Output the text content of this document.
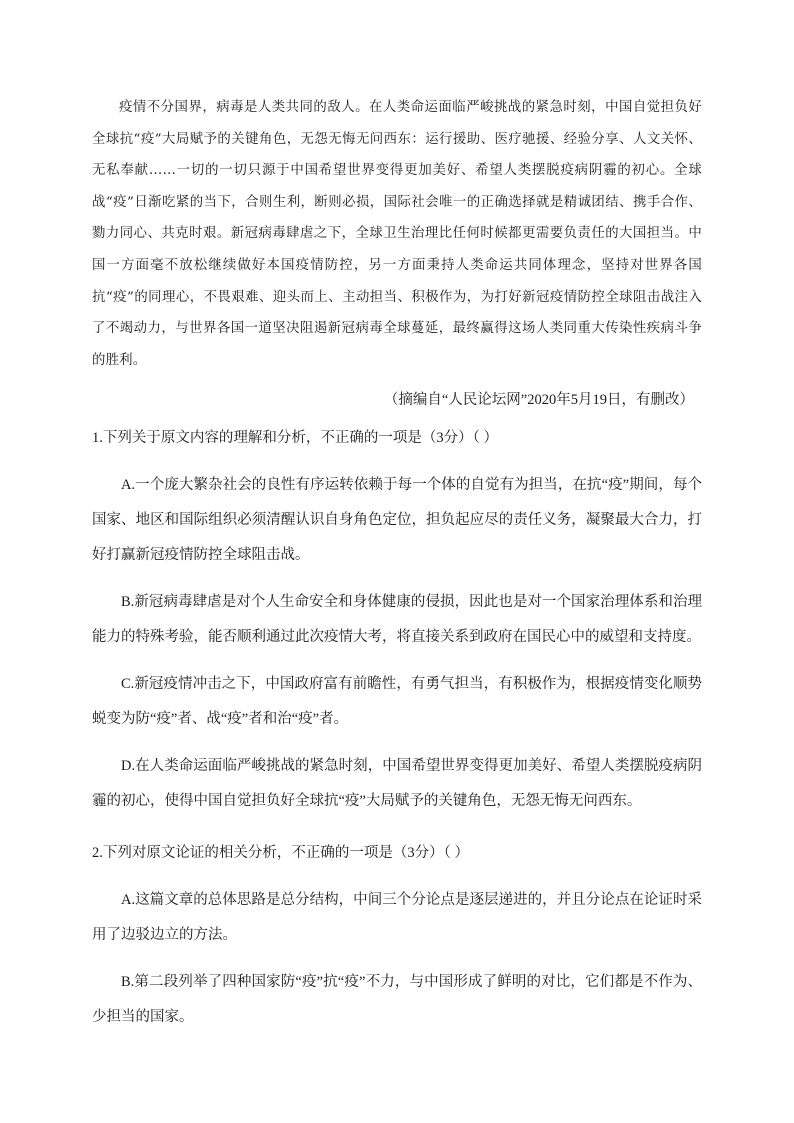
疫情不分国界，病毒是人类共同的敌人。在人类命运面临严峻挑战的紧急时刻，中国自觉担负好全球抗“疫”大局赋予的关键角色，无怨无悔无问西东：运行援助、医疗驰援、经验分享、人文关怀、无私奉献……一切的一切只源于中国希望世界变得更加美好、希望人类摆脱疫病阴霾的初心。全球战“疫”日渐吃紧的当下，合则生利，断则必损，国际社会唯一的正确选择就是精诚团结、携手合作、勠力同心、共克时艰。新冠病毒肆虐之下，全球卫生治理比任何时候都更需要负责任的大国担当。中国一方面毫不放松继续做好本国疫情防控，另一方面秉持人类命运共同体理念，坚持对世界各国抗“疫”的同理心，不畏艰难、迎头而上、主动担当、积极作为，为打好新冠疫情防控全球阻击战注入了不竭动力，与世界各国一道坚决阻遏新冠病毒全球蔓延，最终赢得这场人类同重大传染性疾病斗争的胜利。

（摘编自“人民论坛网”2020年5月19日，有删改）

1.下列关于原文内容的理解和分析，不正确的一项是（3分）（ ）

A.一个庞大繁杂社会的良性有序运转依赖于每一个体的自觉有为担当，在抗“疫”期间，每个国家、地区和国际组织必须清醒认识自身角色定位，担负起应尽的责任义务，凝聚最大合力，打好打赢新冠疫情防控全球阻击战。

B.新冠病毒肆虐是对个人生命安全和身体健康的侵损，因此也是对一个国家治理体系和治理能力的特殊考验，能否顺利通过此次疫情大考，将直接关系到政府在国民心中的威望和支持度。

C.新冠疫情冲击之下，中国政府富有前瞻性，有勇气担当，有积极作为，根据疫情变化顺势蜕变为防“疫”者、战“疫”者和治“疫”者。

D.在人类命运面临严峻挑战的紧急时刻，中国希望世界变得更加美好、希望人类摆脱疫病阴霾的初心，使得中国自觉担负好全球抗“疫”大局赋予的关键角色，无怨无悔无问西东。

2.下列对原文论证的相关分析，不正确的一项是（3分）（ ）

A.这篇文章的总体思路是总分结构，中间三个分论点是逐层递进的，并且分论点在论证时采用了边驳边立的方法。

B.第二段列举了四种国家防“疫”抗“疫”不力，与中国形成了鲜明的对比，它们都是不作为、少担当的国家。
